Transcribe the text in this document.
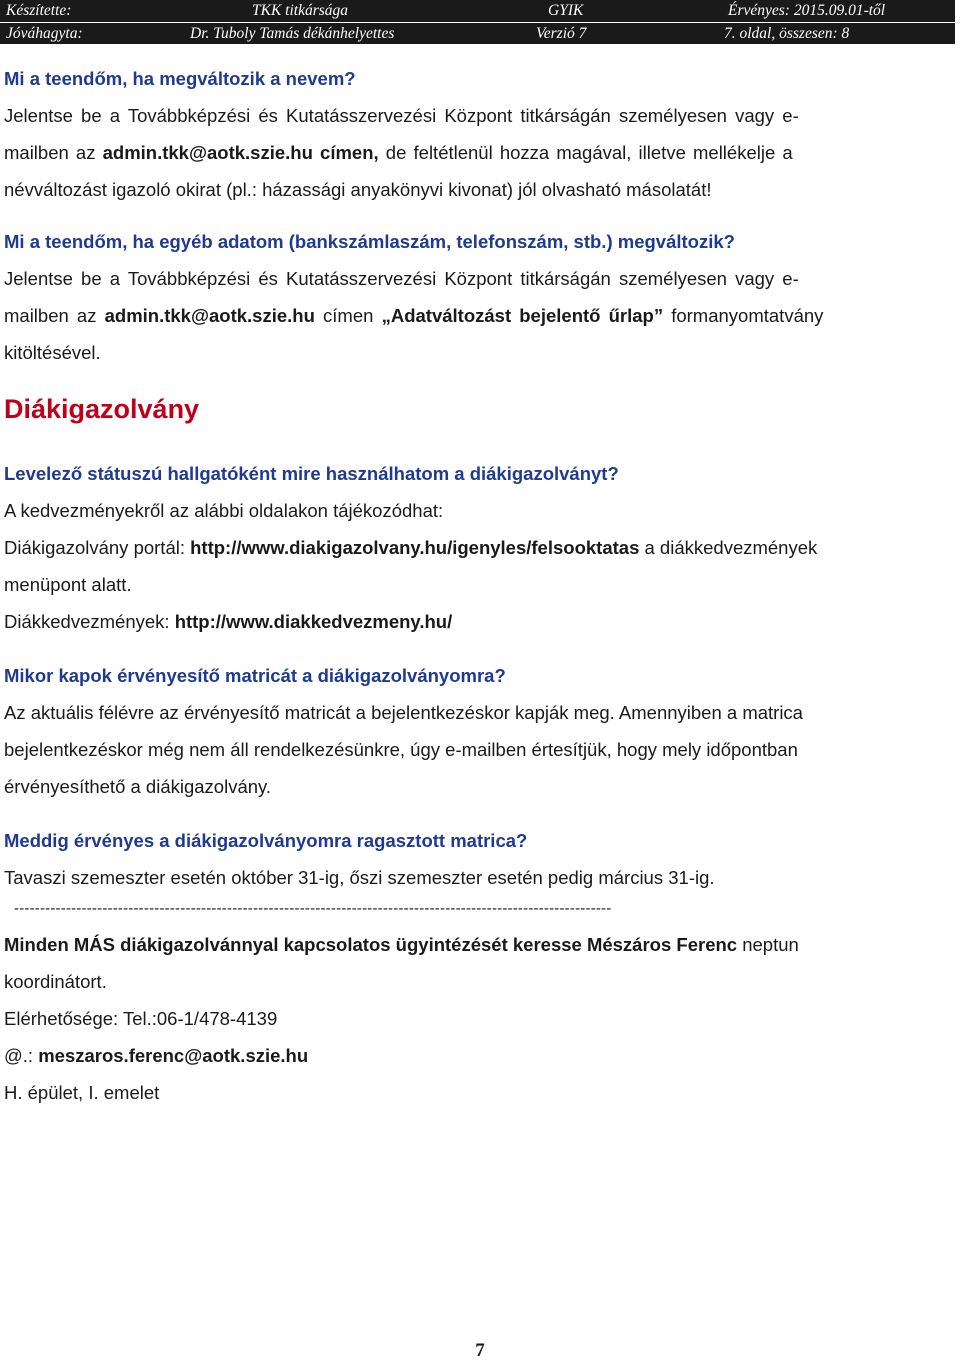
Készítette:	TKK titkársága	GYIK	Érvényes: 2015.09.01-től
Jóváhagyta:	Dr. Tuboly Tamás dékánhelyettes	Verzió 7	7. oldal, összesen: 8

Mi a teendőm, ha megváltozik a nevem?

Jelentse be a Továbbképzési és Kutatásszervezési Központ titkárságán személyesen vagy e-

mailben az admin.tkk@aotk.szie.hu címen, de feltétlenül hozza magával, illetve mellékelje a

névváltozást igazoló okirat (pl.: házassági anyakönyvi kivonat) jól olvasható másolatát!

Mi a teendőm, ha egyéb adatom (bankszámlaszám, telefonszám, stb.) megváltozik?

Jelentse be a Továbbképzési és Kutatásszervezési Központ titkárságán személyesen vagy e-

mailben az admin.tkk@aotk.szie.hu címen „Adatváltozást bejelentő űrlap” formanyomtatvány

kitöltésével.

Diákigazolvány

Levelező státuszú hallgatóként mire használhatom a diákigazolványt?

A kedvezményekről az alábbi oldalakon tájékozódhat:

Diákigazolvány portál: http://www.diakigazolvany.hu/igenyles/felsooktatas a diákkedvezmények

menüpont alatt.

Diákkedvezmények: http://www.diakkedvezmeny.hu/

Mikor kapok érvényesítő matricát a diákigazolványomra?

Az aktuális félévre az érvényesítő matricát a bejelentkezéskor kapják meg. Amennyiben a matrica

bejelentkezéskor még nem áll rendelkezésünkre, úgy e-mailben értesítjük, hogy mely időpontban

érvényesíthető a diákigazolvány.

Meddig érvényes a diákigazolványomra ragasztott matrica?

Tavaszi szemeszter esetén október 31-ig, őszi szemeszter esetén pedig március 31-ig.

-------------------------------------------------------------------------------------------------------------------

Minden MÁS diákigazolvánnyal kapcsolatos ügyintézését keresse Mészáros Ferenc neptun

koordinátort.

Elérhetősége: Tel.:06-1/478-4139

@.: meszaros.ferenc@aotk.szie.hu

H. épület, I. emelet

7
